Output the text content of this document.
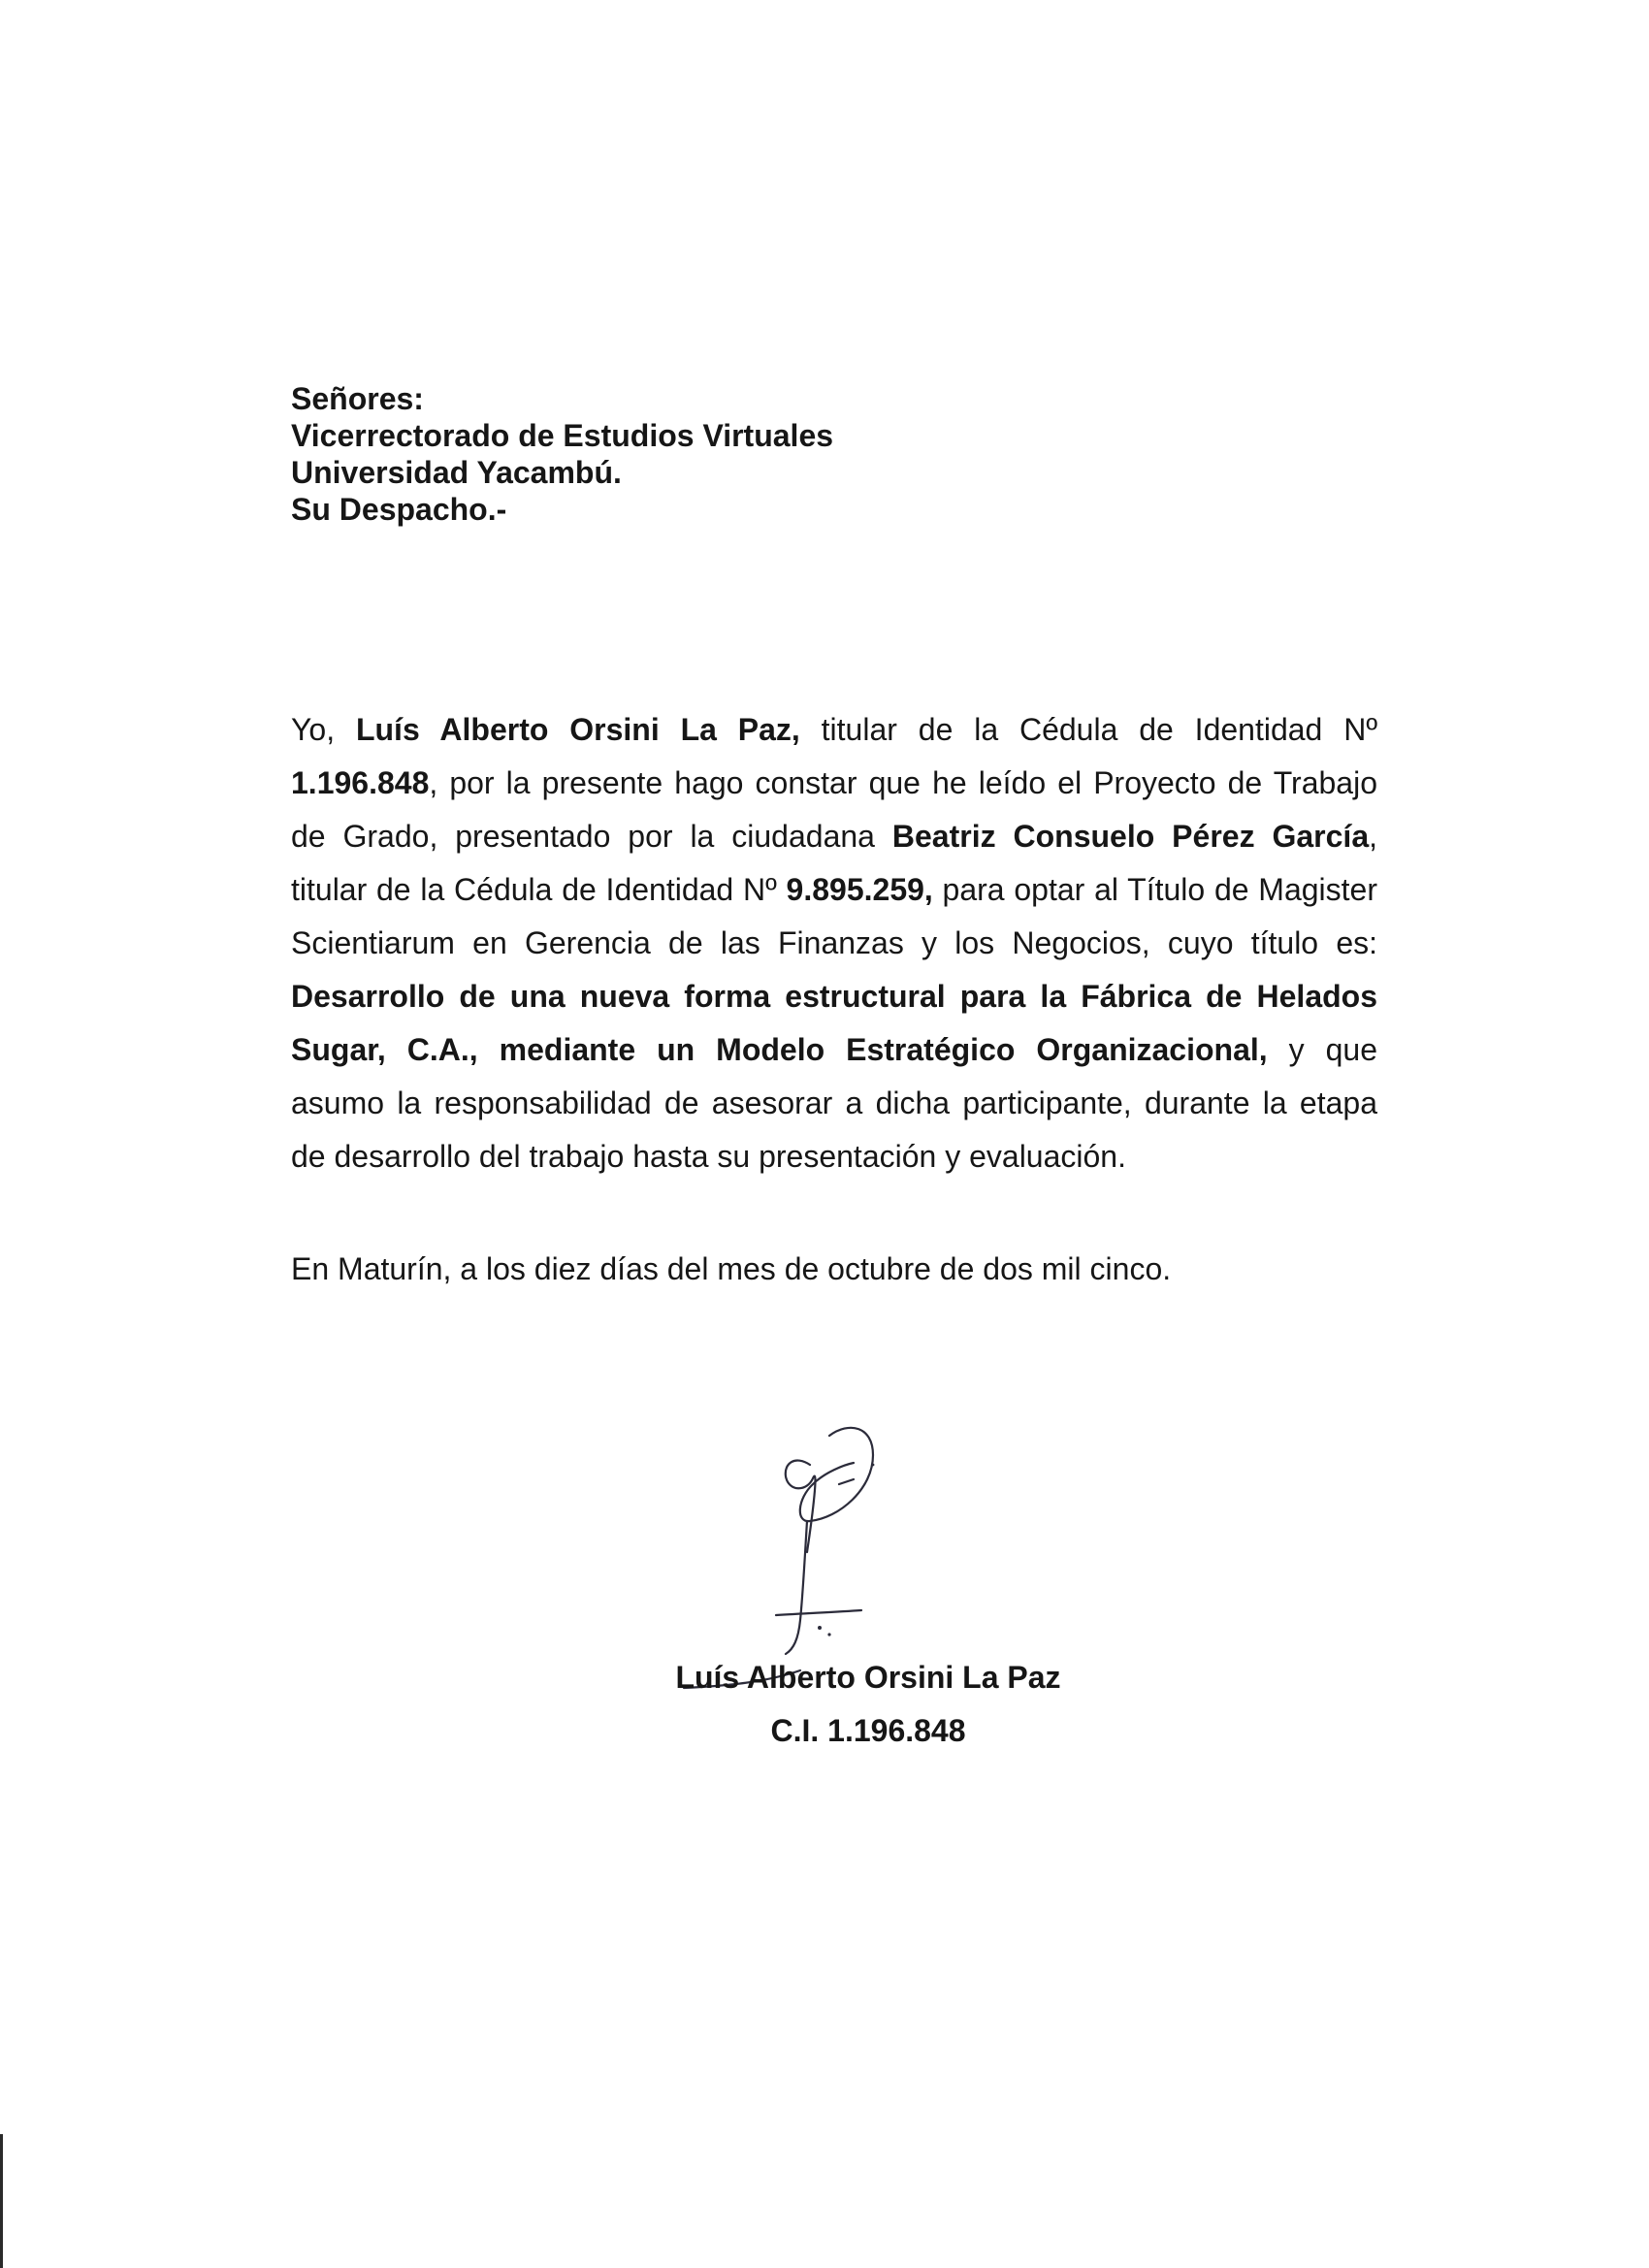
Señores:
Vicerrectorado de Estudios Virtuales
Universidad Yacambú.
Su Despacho.-
Yo, Luís Alberto Orsini La Paz, titular de la Cédula de Identidad Nº 1.196.848, por la presente hago constar que he leído el Proyecto de Trabajo de Grado, presentado por la ciudadana Beatriz Consuelo Pérez García, titular de la Cédula de Identidad Nº 9.895.259, para optar al Título de Magister Scientiarum en Gerencia de las Finanzas y los Negocios, cuyo título es: Desarrollo de una nueva forma estructural para la Fábrica de Helados Sugar, C.A., mediante un Modelo Estratégico Organizacional, y que asumo la responsabilidad de asesorar a dicha participante, durante la etapa de desarrollo del trabajo hasta su presentación y evaluación.
En Maturín, a los diez días del mes de octubre de dos mil cinco.
Luís Alberto Orsini La Paz
C.I. 1.196.848
